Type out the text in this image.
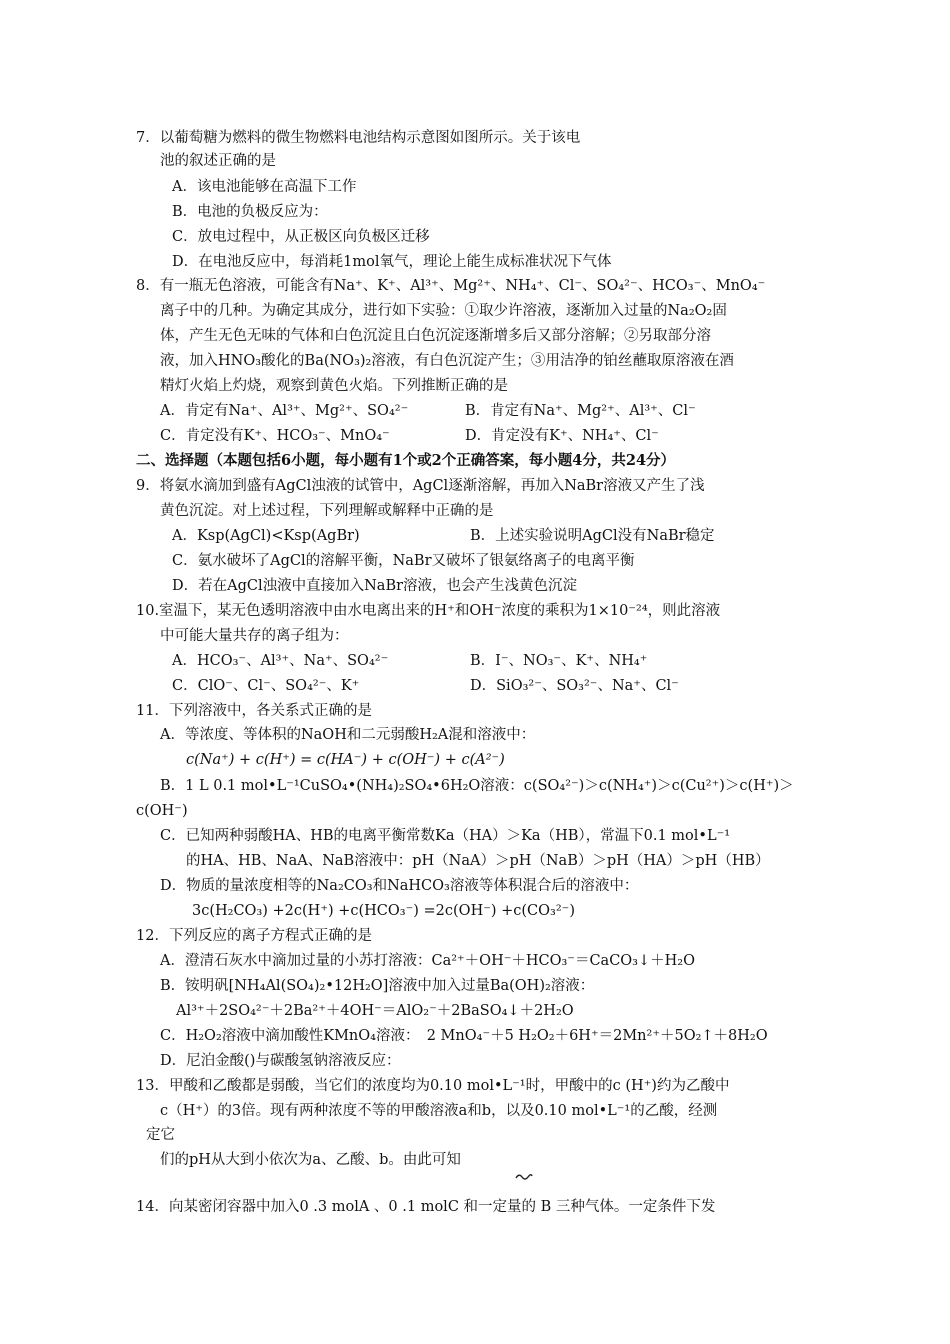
7．以葡萄糖为燃料的微生物燃料电池结构示意图如图所示。关于该电
池的叙述正确的是
A．该电池能够在高温下工作
B．电池的负极反应为：
C．放电过程中，从正极区向负极区迁移
D．在电池反应中，每消耗1mol氧气，理论上能生成标准状况下气体
8．有一瓶无色溶液，可能含有Na⁺、K⁺、Al³⁺、Mg²⁺、NH₄⁺、Cl⁻、SO₄²⁻、HCO₃⁻、MnO₄⁻
离子中的几种。为确定其成分，进行如下实验：①取少许溶液，逐渐加入过量的Na₂O₂固
体，产生无色无味的气体和白色沉淀且白色沉淀逐渐增多后又部分溶解；②另取部分溶
液，加入HNO₃酸化的Ba(NO₃)₂溶液，有白色沉淀产生；③用洁净的铂丝蘸取原溶液在酒
精灯火焰上灼烧，观察到黄色火焰。下列推断正确的是
A．肯定有Na⁺、Al³⁺、Mg²⁺、SO₄²⁻	B．肯定有Na⁺、Mg²⁺、Al³⁺、Cl⁻
C．肯定没有K⁺、HCO₃⁻、MnO₄⁻	D．肯定没有K⁺、NH₄⁺、Cl⁻
二、选择题（本题包括6小题，每小题有1个或2个正确答案，每小题4分，共24分）
9．将氨水滴加到盛有AgCl浊液的试管中，AgCl逐渐溶解，再加入NaBr溶液又产生了浅
黄色沉淀。对上述过程，下列理解或解释中正确的是
A．Ksp(AgCl)<Ksp(AgBr)	B．上述实验说明AgCl没有NaBr稳定
C．氨水破坏了AgCl的溶解平衡，NaBr又破坏了银氨络离子的电离平衡
D．若在AgCl浊液中直接加入NaBr溶液，也会产生浅黄色沉淀
10.室温下，某无色透明溶液中由水电离出来的H⁺和OH⁻浓度的乘积为1×10⁻²⁴，则此溶液
中可能大量共存的离子组为：
A．HCO₃⁻、Al³⁺、Na⁺、SO₄²⁻	B．I⁻、NO₃⁻、K⁺、NH₄⁺
C．ClO⁻、Cl⁻、SO₄²⁻、K⁺	D．SiO₃²⁻、SO₃²⁻、Na⁺、Cl⁻
11．下列溶液中，各关系式正确的是
A．等浓度、等体积的NaOH和二元弱酸H₂A混和溶液中：
c(Na⁺) + c(H⁺) = c(HA⁻) + c(OH⁻) + c(A²⁻)
B．1 L 0.1 mol•L⁻¹CuSO₄•(NH₄)₂SO₄•6H₂O溶液：c(SO₄²⁻)＞c(NH₄⁺)＞c(Cu²⁺)＞c(H⁺)＞
c(OH⁻)
C．已知两种弱酸HA、HB的电离平衡常数Ka（HA）＞Ka（HB），常温下0.1 mol•L⁻¹
的HA、HB、NaA、NaB溶液中：pH（NaA）＞pH（NaB）＞pH（HA）＞pH（HB）
D．物质的量浓度相等的Na₂CO₃和NaHCO₃溶液等体积混合后的溶液中：
3c(H₂CO₃) +2c(H⁺) +c(HCO₃⁻) =2c(OH⁻) +c(CO₃²⁻)
12．下列反应的离子方程式正确的是
A．澄清石灰水中滴加过量的小苏打溶液：Ca²⁺＋OH⁻＋HCO₃⁻＝CaCO₃↓＋H₂O
B．铵明矾[NH₄Al(SO₄)₂•12H₂O]溶液中加入过量Ba(OH)₂溶液：
Al³⁺＋2SO₄²⁻＋2Ba²⁺＋4OH⁻＝AlO₂⁻＋2BaSO₄↓＋2H₂O
C．H₂O₂溶液中滴加酸性KMnO₄溶液：　2 MnO₄⁻＋5 H₂O₂＋6H⁺＝2Mn²⁺＋5O₂↑＋8H₂O
D．尼泊金酸()与碳酸氢钠溶液反应：
13．甲酸和乙酸都是弱酸，当它们的浓度均为0.10 mol•L⁻¹时，甲酸中的c (H⁺)约为乙酸中
c（H⁺）的3倍。现有两种浓度不等的甲酸溶液a和b，以及0.10 mol•L⁻¹的乙酸，经测
定它
们的pH从大到小依次为a、乙酸、b。由此可知
14．向某密闭容器中加入0 .3 molA 、0 .1 molC 和一定量的 B 三种气体。一定条件下发
